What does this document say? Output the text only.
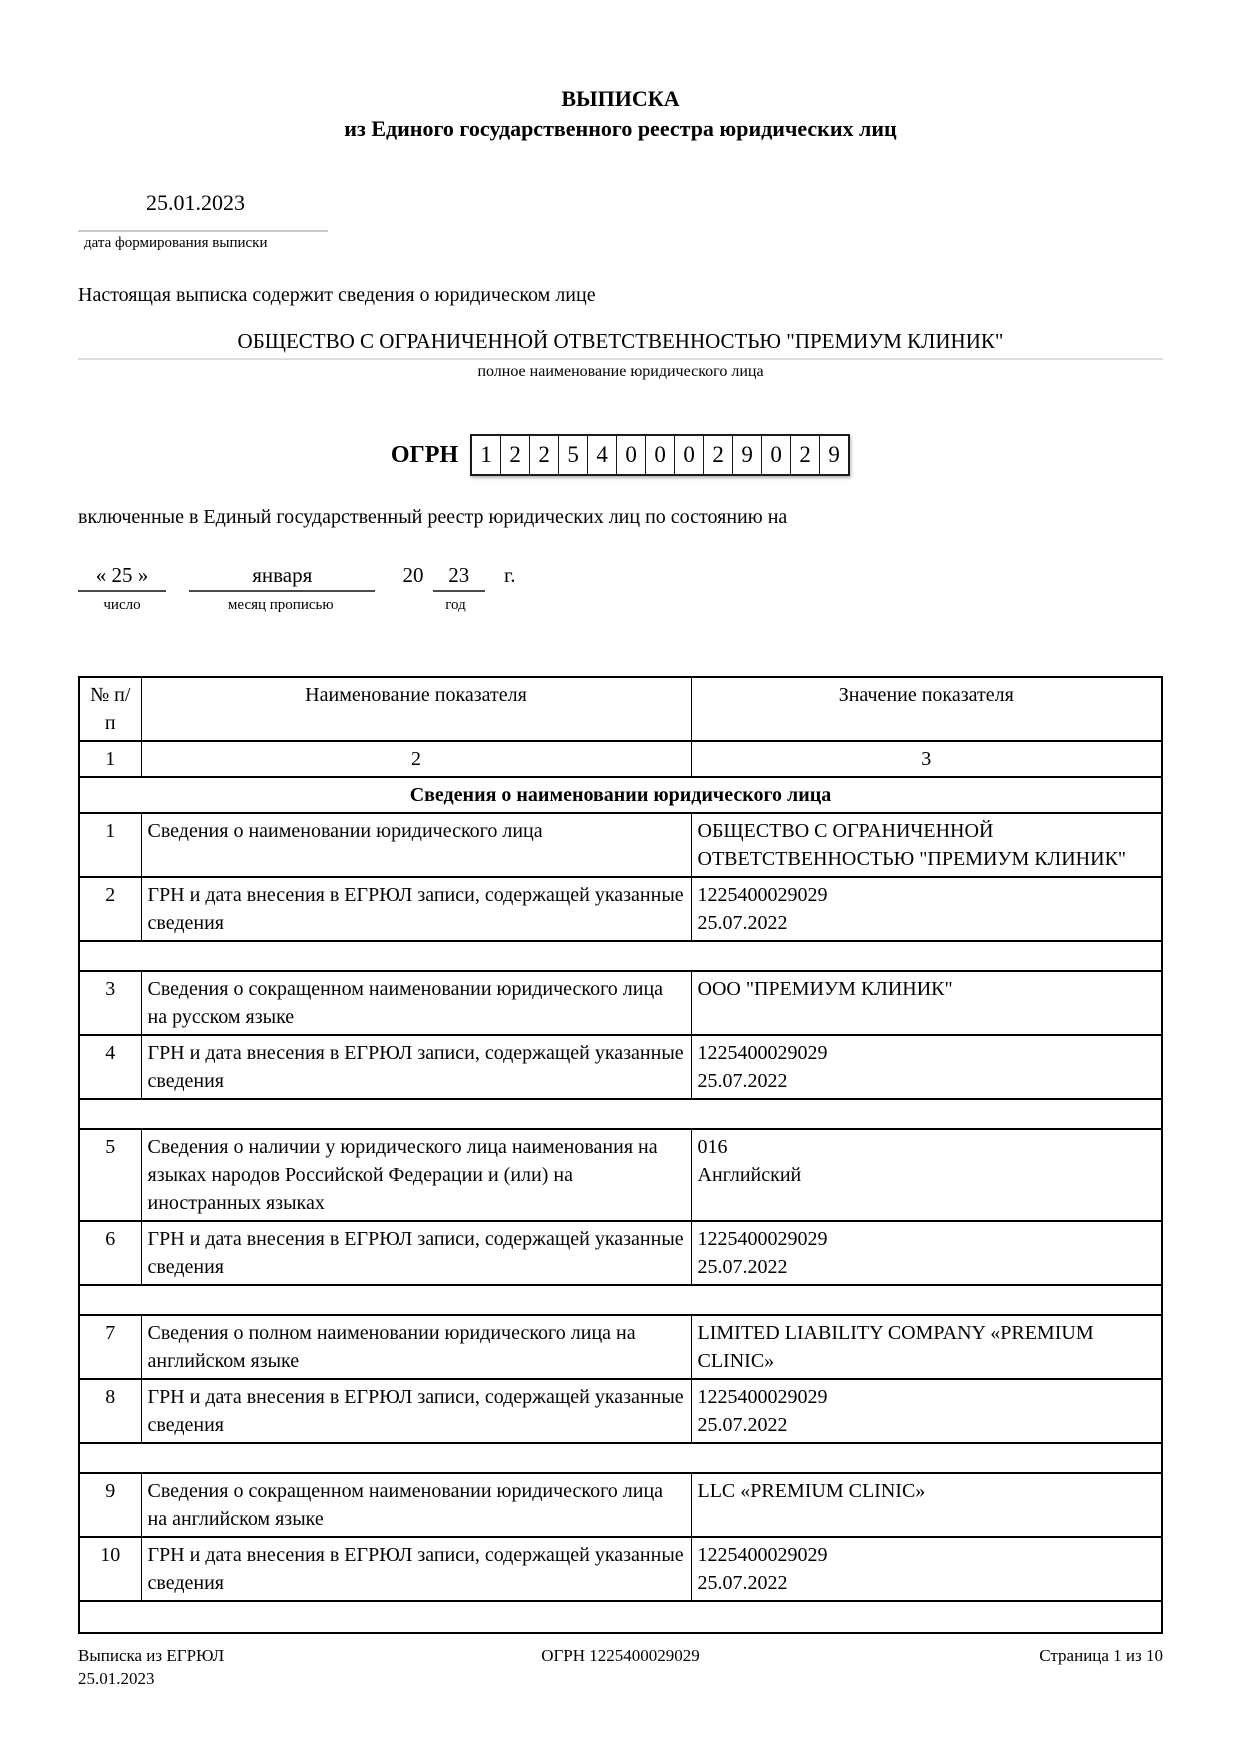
ВЫПИСКА
из Единого государственного реестра юридических лиц
25.01.2023
дата формирования выписки
Настоящая выписка содержит сведения о юридическом лице
ОБЩЕСТВО С ОГРАНИЧЕННОЙ ОТВЕТСТВЕННОСТЬЮ "ПРЕМИУМ КЛИНИК"
полное наименование юридического лица
ОГРН 1 2 2 5 4 0 0 0 2 9 0 2 9
включенные в Единый государственный реестр юридических лиц по состоянию на
« 25 »	января	20 23 г.
число	месяц прописью	год
№ п/п	Наименование показателя	Значение показателя
1	2	3
Сведения о наименовании юридического лица		
1	Сведения о наименовании юридического лица	ОБЩЕСТВО С ОГРАНИЧЕННОЙ ОТВЕТСТВЕННОСТЬЮ "ПРЕМИУМ КЛИНИК"

2	ГРН и дата внесения в ЕГРЮЛ записи, содержащей указанные сведения	1225400029029
25.07.2022

3	Сведения о сокращенном наименовании юридического лица на русском языке	ООО "ПРЕМИУМ КЛИНИК"

4	ГРН и дата внесения в ЕГРЮЛ записи, содержащей указанные сведения	1225400029029
25.07.2022

5	Сведения о наличии у юридического лица наименования на языках народов Российской Федерации и (или) на иностранных языках	016
Английский

6	ГРН и дата внесения в ЕГРЮЛ записи, содержащей указанные сведения	1225400029029
25.07.2022

7	Сведения о полном наименовании юридического лица на английском языке	LIMITED LIABILITY COMPANY «PREMIUM CLINIC»

8	ГРН и дата внесения в ЕГРЮЛ записи, содержащей указанные сведения	1225400029029
25.07.2022

9	Сведения о сокращенном наименовании юридического лица на английском языке	LLC «PREMIUM CLINIC»

10	ГРН и дата внесения в ЕГРЮЛ записи, содержащей указанные сведения	1225400029029
25.07.2022

Выписка из ЕГРЮЛ
25.01.2023
ОГРН 1225400029029	Страница 1 из 10
